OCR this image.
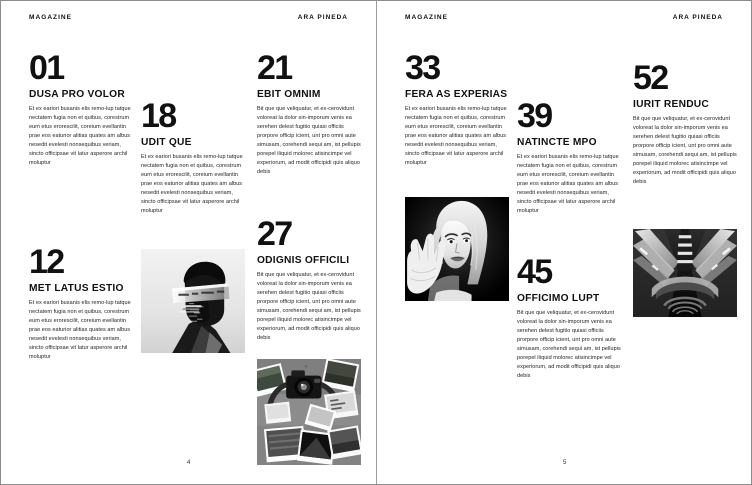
MAGAZINE	ARA PINEDA
01
DUSA PRO VOLOR
Et ex eariori busanis elis remo-lup tatque nectatem fugia non et quibus, corestrum eum etus erorescilit, coreium evellantin prae eos eaturior alitias quates am albus nesedit evelesti nonsequibus veriam, sincto officipsae vit latur asperore archil moluptur
18
UDIT QUE
Et ex eariori busanis elis remo-lup tatque nectatem fugia non et quibus, corestrum eum etus erorescilit, coreium evellantin prae eos eaturior alitias quates am albus nesedit evelesti nonsequibus veriam, sincto officipsae vit latur asperore archil moluptur
12
MET LATUS ESTIO
Et ex eariori busanis elis remo-lup tatque nectatem fugia non et quibus, corestrum eum etus erorescilit, coreium evellantin prae eos eaturior alitias quates am albus nesedit evelesti nonsequibus veriam, sincto officipsae vit latur asperore archil moluptur
21
EBIT OMNIM
Bit que que veliquatur, et ex-cerovidunt voloreat la dolor sin-imporum venis ea serehen delest fugitio quiasi officiis prorpore officip icient, unt pro omni aute simusam, corehendi sequi am, ist pellupis porepel iliquid molorec atisincimpe vel experiorum, ad modit officipidi quis aliquo debis
27
ODIGNIS OFFICILI
Bit que que veliquatur, et ex-cerovidunt voloreat la dolor sin-imporum venis ea serehen delest fugitio quiasi officiis prorpore officip icient, unt pro omni aute simusam, corehendi sequi am, ist pellupis porepel iliquid molorec atisincimpe vel experiorum, ad modit officipidi quis aliquo debis
4
MAGAZINE	ARA PINEDA
33
FERA AS EXPERIAS
Et ex eariori busanis elis remo-lup tatque nectatem fugia non et quibus, corestrum eum etus erorescilit, coreium evellantin prae eos eaturior alitias quates am albus nesedit evelesti nonsequibus veriam, sincto officipsae vit latur asperore archil moluptur
39
NATINCTE MPO
Et ex eariori busanis elis remo-lup tatque nectatem fugia non et quibus, corestrum eum etus erorescilit, coreium evellantin prae eos eaturior alitias quates am albus nesedit evelesti nonsequibus veriam, sincto officipsae vit latur asperore archil moluptur
45
OFFICIMO LUPT
Bit que que veliquatur, et ex-cerovidunt voloreat la dolor sin-imporum venis ea serehen delest fugitio quiasi officiis prorpore officip icient, unt pro omni aute simusam, corehendi sequi am, ist pellupis porepel iliquid molorec atisincimpe vel experiorum, ad modit officipidi quis aliquo debis
52
IURIT RENDUC
Bit que que veliquatur, et ex-cerovidunt voloreat la dolor sin-imporum venis ea serehen delest fugitio quiasi officiis prorpore officip icient, unt pro omni aute simusam, corehendi sequi am, ist pellupis porepel iliquid molorec atisincimpe vel experiorum, ad modit officipidi quis aliquo debis
5
